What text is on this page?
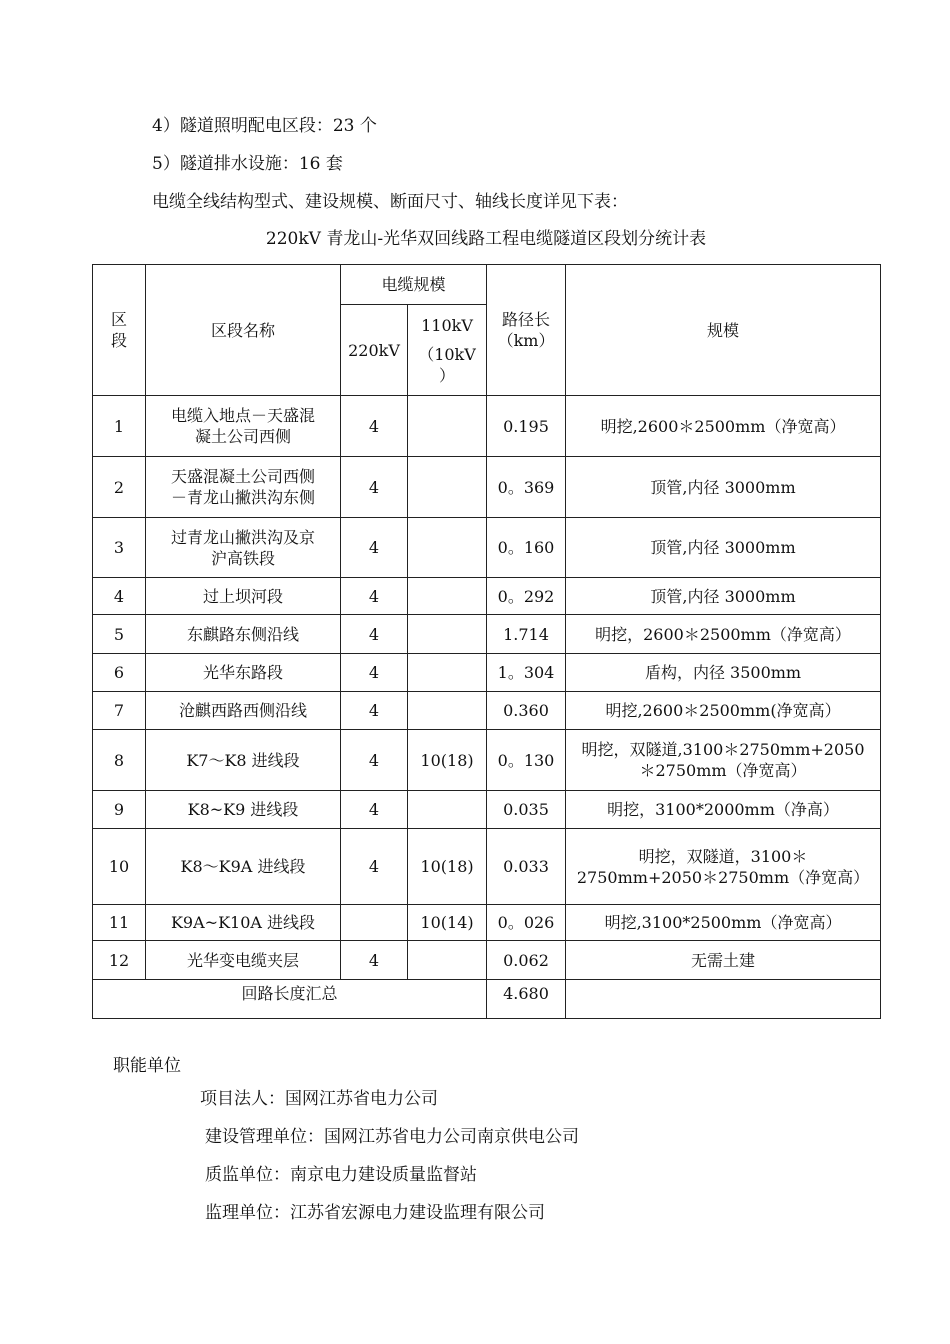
4）隧道照明配电区段：23 个
5）隧道排水设施：16 套
电缆全线结构型式、建设规模、断面尺寸、轴线长度详见下表：
220kV 青龙山-光华双回线路工程电缆隧道区段划分统计表
区
段	区段名称	电缆规模		路径长
（km）	规模
		220kV	110kV
（10kV
）		

1	电缆入地点－天盛混
凝土公司西侧	4		0.195	明挖,2600＊2500mm（净宽高）

2	天盛混凝土公司西侧
－青龙山撇洪沟东侧	4		0。369	顶管,内径 3000mm

3	过青龙山撇洪沟及京
沪高铁段	4		0。160	顶管,内径 3000mm

4	过上坝河段	4		0。292	顶管,内径 3000mm

5	东麒路东侧沿线	4		1.714	明挖，2600＊2500mm（净宽高）

6	光华东路段	4		1。304	盾构，内径 3500mm

7	沧麒西路西侧沿线	4		0.360	明挖,2600＊2500mm(净宽高）

8	K7～K8 进线段	4	10(18)	0。130	明挖，双隧道,3100＊2750mm+2050
＊2750mm（净宽高）

9	K8~K9 进线段	4		0.035	明挖，3100*2000mm（净高）

10	K8～K9A 进线段	4	10(18)	0.033	明挖，双隧道，3100＊
2750mm+2050＊2750mm（净宽高）

11	K9A~K10A 进线段		10(14)	0。026	明挖,3100*2500mm（净宽高）

12	光华变电缆夹层	4		0.062	无需土建

回路长度汇总				4.680	

职能单位
项目法人：国网江苏省电力公司
建设管理单位：国网江苏省电力公司南京供电公司
质监单位：南京电力建设质量监督站
监理单位：江苏省宏源电力建设监理有限公司
